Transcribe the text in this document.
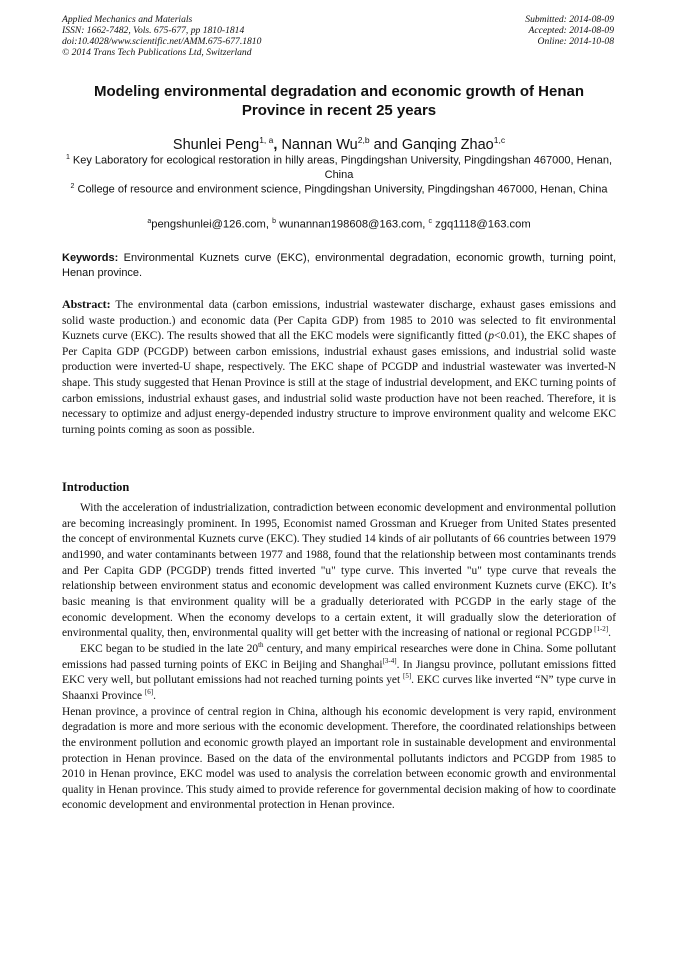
Applied Mechanics and Materials
ISSN: 1662-7482, Vols. 675-677, pp 1810-1814
doi:10.4028/www.scientific.net/AMM.675-677.1810
© 2014 Trans Tech Publications Ltd, Switzerland
Submitted: 2014-08-09
Accepted: 2014-08-09
Online: 2014-10-08
Modeling environmental degradation and economic growth of Henan Province in recent 25 years
Shunlei Peng$^{1, a}$, Nannan Wu$^{2,b}$ and Ganqing Zhao$^{1,c}$
$^1$ Key Laboratory for ecological restoration in hilly areas, Pingdingshan University, Pingdingshan 467000, Henan, China
$^2$ College of resource and environment science, Pingdingshan University, Pingdingshan 467000, Henan, China
$^a$pengshunlei@126.com, $^b$ wunannan198608@163.com, $^c$ zgq1118@163.com
Keywords: Environmental Kuznets curve (EKC), environmental degradation, economic growth, turning point, Henan province.
Abstract: The environmental data (carbon emissions, industrial wastewater discharge, exhaust gases emissions and solid waste production.) and economic data (Per Capita GDP) from 1985 to 2010 was selected to fit environmental Kuznets curve (EKC). The results showed that all the EKC models were significantly fitted (p<0.01), the EKC shapes of Per Capita GDP (PCGDP) between carbon emissions, industrial exhaust gases emissions, and industrial solid waste production were inverted-U shape, respectively. The EKC shape of PCGDP and industrial wastewater was inverted-N shape. This study suggested that Henan Province is still at the stage of industrial development, and EKC turning points of carbon emissions, industrial exhaust gases, and industrial solid waste production have not been reached. Therefore, it is necessary to optimize and adjust energy-depended industry structure to improve environment quality and welcome EKC turning points coming as soon as possible.
Introduction

With the acceleration of industrialization, contradiction between economic development and environmental pollution are becoming increasingly prominent. In 1995, Economist named Grossman and Krueger from United States presented the concept of environmental Kuznets curve (EKC). They studied 14 kinds of air pollutants of 66 countries between 1979 and1990, and water contaminants between 1977 and 1988, found that the relationship between most contaminants trends and Per Capita GDP (PCGDP) trends fitted inverted "u" type curve. This inverted "u" type curve that reveals the relationship between environment status and economic development was called environment Kuznets curve (EKC). It’s basic meaning is that environment quality will be a gradually deteriorated with PCGDP in the early stage of the economic development. When the economy develops to a certain extent, it will gradually slow the deterioration of environmental quality, then, environmental quality will get better with the increasing of national or regional PCGDP [1-2].

EKC began to be studied in the late 20th century, and many empirical researches were done in China. Some pollutant emissions had passed turning points of EKC in Beijing and Shanghai[3-4]. In Jiangsu province, pollutant emissions fitted EKC very well, but pollutant emissions had not reached turning points yet [5]. EKC curves like inverted “N” type curve in Shaanxi Province [6].

Henan province, a province of central region in China, although his economic development is very rapid, environment degradation is more and more serious with the economic development. Therefore, the coordinated relationships between the environment pollution and economic growth played an important role in sustainable development and environmental protection in Henan province. Based on the data of the environmental pollutants indictors and PCGDP from 1985 to 2010 in Henan province, EKC model was used to analysis the correlation between economic growth and environmental quality in Henan province. This study aimed to provide reference for governmental decision making of how to coordinate economic development and environmental protection in Henan province.
